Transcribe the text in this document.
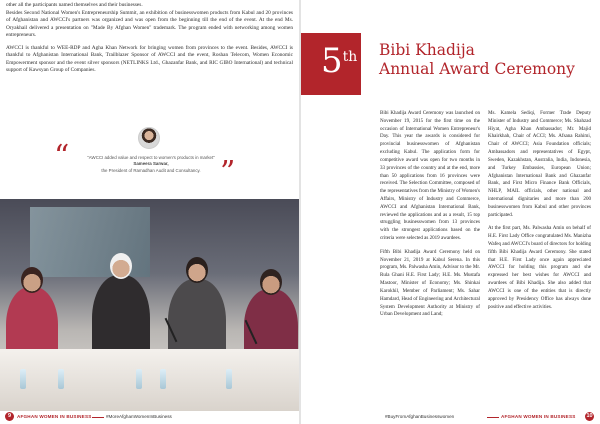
other all the participants named themselves and their businesses.
Besides Second National Women's Entrepreneurship Summit, an exhibition of businesswomen products from Kabul and 20 provinces of Afghanistan and AWCCI's partners was organized and was open from the beginning till the end of the event. At the end Ms. Oryakhail delivered a presentation on "Made By Afghan Women" trademark. The program ended with networking among women entrepreneurs.

AWCCI is thankful to WEE-RDP and Agha Khan Network for bringing women from provinces to the event. Besides, AWCCI is thankful to Afghanistan International Bank, Trailblazer Sponsor of AWCCI and the event, Roshan Telecom, Women Economic Empowerment sponsor and the event silver sponsors (NETLINKS Ltd., Ghazanfar Bank, and RIC GIBO International) and technical support of Kawsyan Group of Companies.

“	"AWCCI added value and respect to women's products in market"
Sameera Sarwar,
the President of Ramadhan Audit and Consultancy. ”
9	AFGHAN WOMEN IN BUSINESS	#MoreAfghanWomenInBusiness
5th Bibi Khadija
Annual Award Ceremony

Bibi Khadija Award Ceremony was launched on November 19, 2015 for the first time on the occasion of International Women Entrepreneur's Day. This year the awards is considered for provincial businesswomen of Afghanistan excluding Kabul. The application form for competitive award was open for two months in 33 provinces of the country and at the end, more than 50 applications from 16 provinces were received. The Selection Committee, composed of the representatives from the Ministry of Women's Affairs, Ministry of Industry and Commerce, AWCCI and Afghanistan International Bank, reviewed the applications and as a result, 15 top struggling businesswomen from 13 provinces with the strongest applications based on the criteria were selected as 2019 awardees.

Fifth Bibi Khadija Award Ceremony held on November 21, 2019 at Kabul Serena. In this program, Ms. Palwasha Amin, Advisor to the Mr. Rula Ghani H.E. First Lady; H.E. Ms. Mustafa Mastoor, Minister of Economy; Ms. Shinkai Karokhil, Member of Parliament; Ms. Sahar Hamdard, Head of Engineering and Architectural System Development Authority at Ministry of Urban Development and Land;

Ms. Kamela Sediqi, Former Trade Deputy Minister of Industry and Commerce; Ms. Shahzad Hiyat, Agha Khan Ambassador; Mr. Majid Khairkhah, Chair of ACCI; Ms. Afsana Rahimi, Chair of AWCCI; Asia Foundation officials; Ambassadors and representatives of Egypt, Sweden, Kazakhstan, Australia, India, Indonesia, and Turkey Embassies, European Union; Afghanistan International Bank and Ghazanfar Bank, and First Micro Finance Bank Officials, NHLP, MAIL officials, other national and international dignitaries and more than 200 businesswomen from Kabul and other provinces participated.

At the first part, Ms. Palwasha Amin on behalf of H.E. First Lady Office congratulated Ms. Manizha Wafeq and AWCCI's board of directors for holding fifth Bibi Khadija Award Ceremony. She stated that H.E. First Lady once again appreciated AWCCI for holding this program and she expressed her best wishes for AWCCI and awardees of Bibi Khadija. She also added that AWCCI is one of the entities that is directly approved by Presidency Office has always done positive and effective activities.

#BuyFromAfghanBusinesswomen	AFGHAN WOMEN IN BUSINESS 10
